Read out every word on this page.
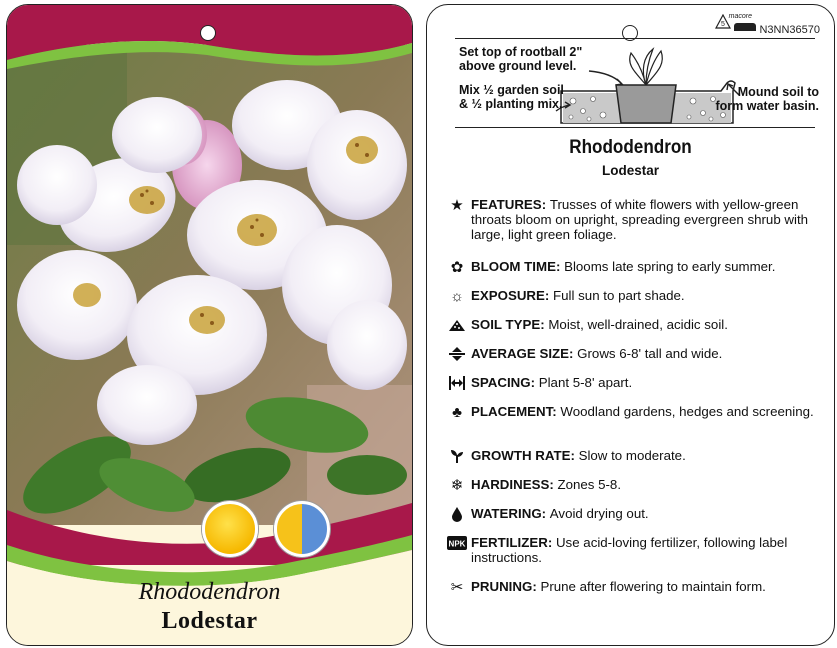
Rhododendron
Lodestar
5
macore
N3NN36570
Set top of rootball 2" above ground level.
Mix ½ garden soil & ½ planting mix.
Mound soil to form water basin.
Rhododendron
Lodestar
★ FEATURES: Trusses of white flowers with yellow-green throats bloom on upright, spreading evergreen shrub with large, light green foliage.
✿ BLOOM TIME: Blooms late spring to early summer.
☼ EXPOSURE: Full sun to part shade.
SOIL TYPE: Moist, well-drained, acidic soil.
AVERAGE SIZE: Grows 6-8' tall and wide.
SPACING: Plant 5-8' apart.
♣ PLACEMENT: Woodland gardens, hedges and screening.
GROWTH RATE: Slow to moderate.
❄ HARDINESS: Zones 5-8.
WATERING: Avoid drying out.
NPK FERTILIZER: Use acid-loving fertilizer, following label instructions.
✂ PRUNING: Prune after flowering to maintain form.
